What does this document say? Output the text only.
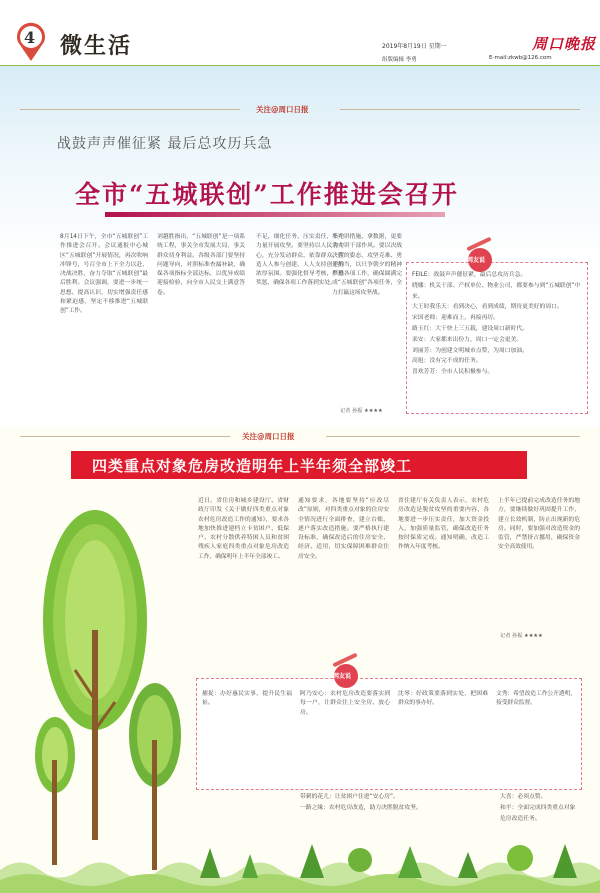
4 微生活	2019年8月19日 星期一	周口晚报
组版编辑 李勇	E-mail:zkwb@126.com
关注@周口日报
战鼓声声催征紧 最后总攻历兵急
全市“五城联创”工作推进会召开
8月14日下午，全市“五城联创”工作推进会召开。会议通报中心城区“五城联创”开展情况，再次吹响冲锋号，号召全市上下全力以赴、决战决胜，奋力夺取“五城联创”最后胜利。会议强调，要进一步统一思想、提高认识，切实增强责任感和紧迫感，坚定不移推进“五城联创”工作。
刘越胜指出，“五城联创”是一项系统工程，事关全市发展大局，事关群众切身利益。各级各部门要坚持问题导向，对照标准查漏补缺，确保各项指标全部达标，以优异成绩迎接检验，向全市人民交上满意答卷。
不足，细化任务、压实责任，集中力量开展攻坚。要坚持以人民为中心，充分发动群众、依靠群众，营造人人参与创建、人人支持创建的浓厚氛围。要强化督导考核，严格奖惩，确保各项工作落到实处。
不光讲措施、拿数据，更要求大讲干部作风。要以决战决胜的姿态，攻坚克难、勇于担当，以只争朝夕的精神推进各项工作，确保圆满完成“五城联创”各项任务，全力打赢这场攻坚战。
记者 孙振 ★★★★
网友说
FEILE：战鼓声声催征紧，最后总攻历兵急。
晓娜：机关干部、产权单位、物业公司，都要参与到“五城联创”中来。
大王时我乐天：看到决心，看到成绩，期待更美好的周口。
宋国老师：迎难而上，再接再厉。
路玉红：大干快上三五载，建设周口新时代。
栾安：大家都来出份力，周口一定会更美。
刘丽芳：为创建文明城市点赞，为周口加油。
高旭：没有完不成的任务。
喜欢芳芳：全市人民积极参与。
关注@周口日报
四类重点对象危房改造明年上半年须全部竣工
近日，省住房和城乡建设厅、省财政厅印发《关于做好四类重点对象农村危房改造工作的通知》，要求各地加快推进建档立卡贫困户、低保户、农村分散供养特困人员和贫困残疾人家庭四类重点对象危房改造工作，确保明年上半年全部竣工。
通知要求，各地要坚持“应改尽改”原则，对四类重点对象的住房安全情况进行全面排查，建立台账，逐户落实改造措施。要严格执行建设标准，确保改造后的住房安全、经济、适用，切实保障困难群众住房安全。
省住建厅有关负责人表示，农村危房改造是脱贫攻坚的重要内容，各地要进一步压实责任，加大资金投入，加强质量监管，确保改造任务按时保质完成。通知明确，改造工作纳入年度考核。
上半年已提前完成改造任务的地方，要继续做好巩固提升工作，建立长效机制，防止出现新的危房。同时，要加强对改造资金的监管，严禁挤占挪用，确保资金安全高效使用。
记者 孙振 ★★★★
网友说
捕捉：办好惠民实事，提升民生福祉。
阿乃安心：农村危房改造要落实到每一户，让群众住上安全房、放心房。
沈琴：好政策要落到实处，把困难群众的事办好。
文秀：希望改造工作公开透明，接受群众监督。
大喜：必须点赞。
和平：全面完成四类重点对象危房改造任务。
带刺的花儿：让贫困户住进“安心房”。
一路之缘：农村危房改造，助力决胜脱贫攻坚。
